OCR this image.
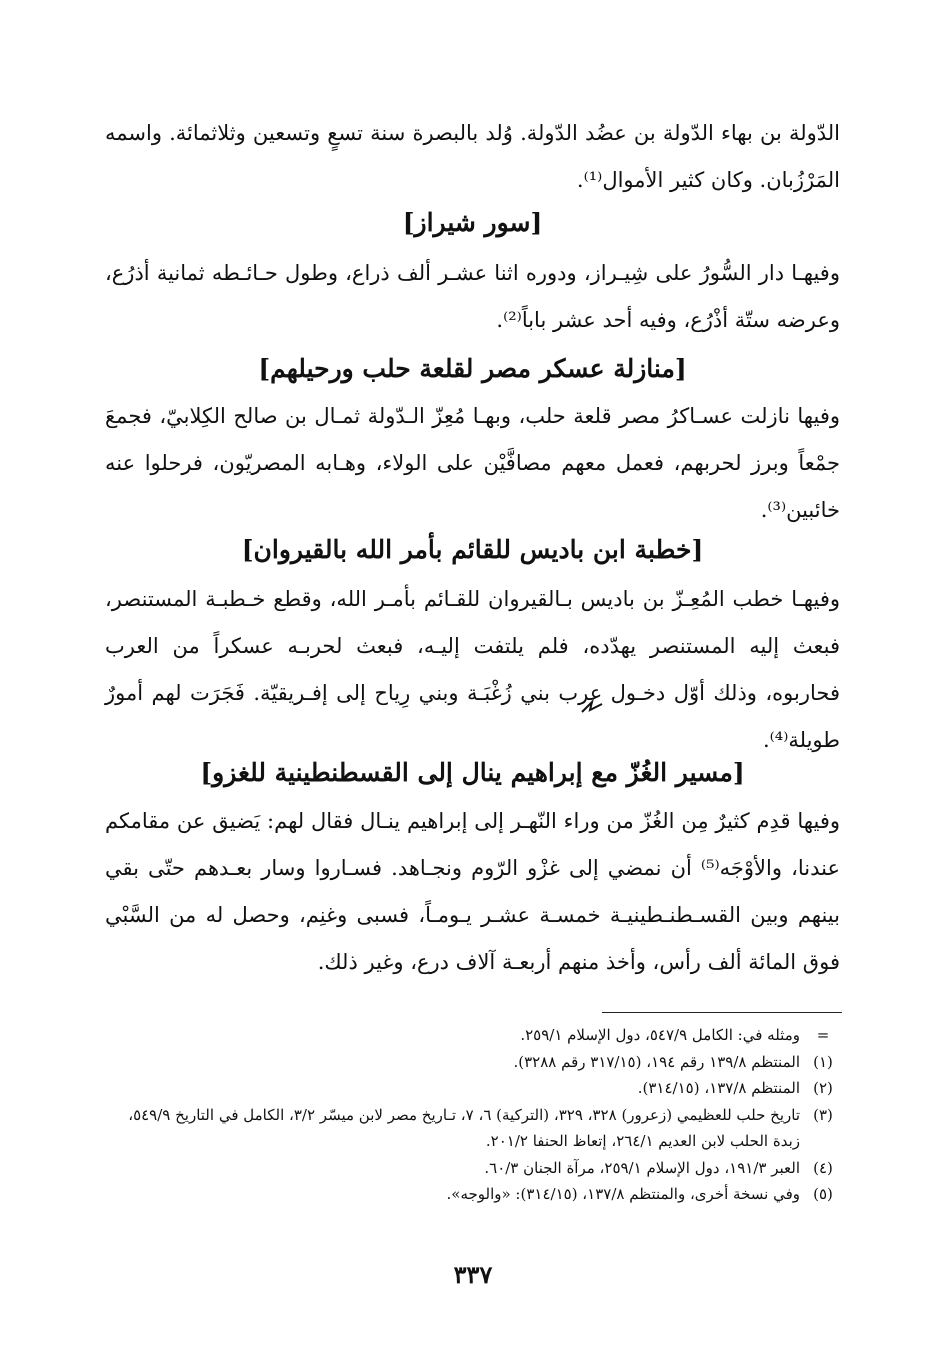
الدّولة بن بهاء الدّولة بن عضُد الدّولة. وُلد بالبصرة سنة تسعٍ وتسعين وثلاثمائة. واسمه المَرْزُبان. وكان كثير الأموال⁽¹⁾.
[سور شيراز]
وفيهـا دار السُّورُ على شِيـراز، ودوره اثنا عشـر ألف ذراع، وطول حـائـطه ثمانية أذرُع، وعرضه ستّة أذْرُع، وفيه أحد عشر باباً⁽²⁾.
[منازلة عسكر مصر لقلعة حلب ورحيلهم]
وفيها نازلت عسـاكرُ مصر قلعة حلب، وبهـا مُعِزّ الـدّولة ثمـال بن صالح الكِلابيّ، فجمعَ جمْعاً وبرز لحربهم، فعمل معهم مصافَّيْن على الولاء، وهـابه المصريّون، فرحلوا عنه خائبين⁽³⁾.
[خطبة ابن باديس للقائم بأمر الله بالقيروان]
وفيهـا خطب المُعِـزّ بن باديس بـالقيروان للقـائم بأمـر الله، وقطع خـطبـة المستنصر، فبعث إليه المستنصر يهدّده، فلم يلتفت إليـه، فبعث لحربـه عسكراً من العرب فحاربوه، وذلك أوّل دخـول عرب بني زُغْبَـة وبني رِياح إلى إفـريقيّة. فَجَرَت لهم أمورٌ طويلة⁽⁴⁾.
[مسير الغُزّ مع إبراهيم ينال إلى القسطنطينية للغزو]
وفيها قدِم كثيرٌ مِن الغُزّ من وراء النّهـر إلى إبراهيم ينـال فقال لهم: يَضيق عن مقامكم عندنا، والأوْجَه⁽⁵⁾ أن نمضي إلى غزْو الرّوم ونجـاهد. فسـاروا وسار بعـدهم حتّى بقي بينهم وبين القسـطنـطينيـة خمسـة عشـر يـومـاً، فسبى وغنِم، وحصل له من السَّبْي فوق المائة ألف رأس، وأخذ منهم أربعـة آلاف درع، وغير ذلك.
=
ومثله في: الكامل ٥٤٧/٩، دول الإسلام ٢٥٩/١.
(١)
المنتظم ١٣٩/٨ رقم ١٩٤، (٣١٧/١٥ رقم ٣٢٨٨).
(٢)
المنتظم ١٣٧/٨، (٣١٤/١٥).
(٣)
تاريخ حلب للعظيمي (زعرور) ٣٢٨، ٣٢٩، (التركية) ٦، ٧، تـاريخ مصر لابن ميسّر ٣/٢، الكامل في التاريخ ٥٤٩/٩، زبدة الحلب لابن العديم ٢٦٤/١، إتعاظ الحنفا ٢٠١/٢.
(٤)
العبر ١٩١/٣، دول الإسلام ٢٥٩/١، مرآة الجنان ٦٠/٣.
(٥)
وفي نسخة أخرى، والمنتظم ١٣٧/٨، (٣١٤/١٥): «والوجه».
٣٣٧
